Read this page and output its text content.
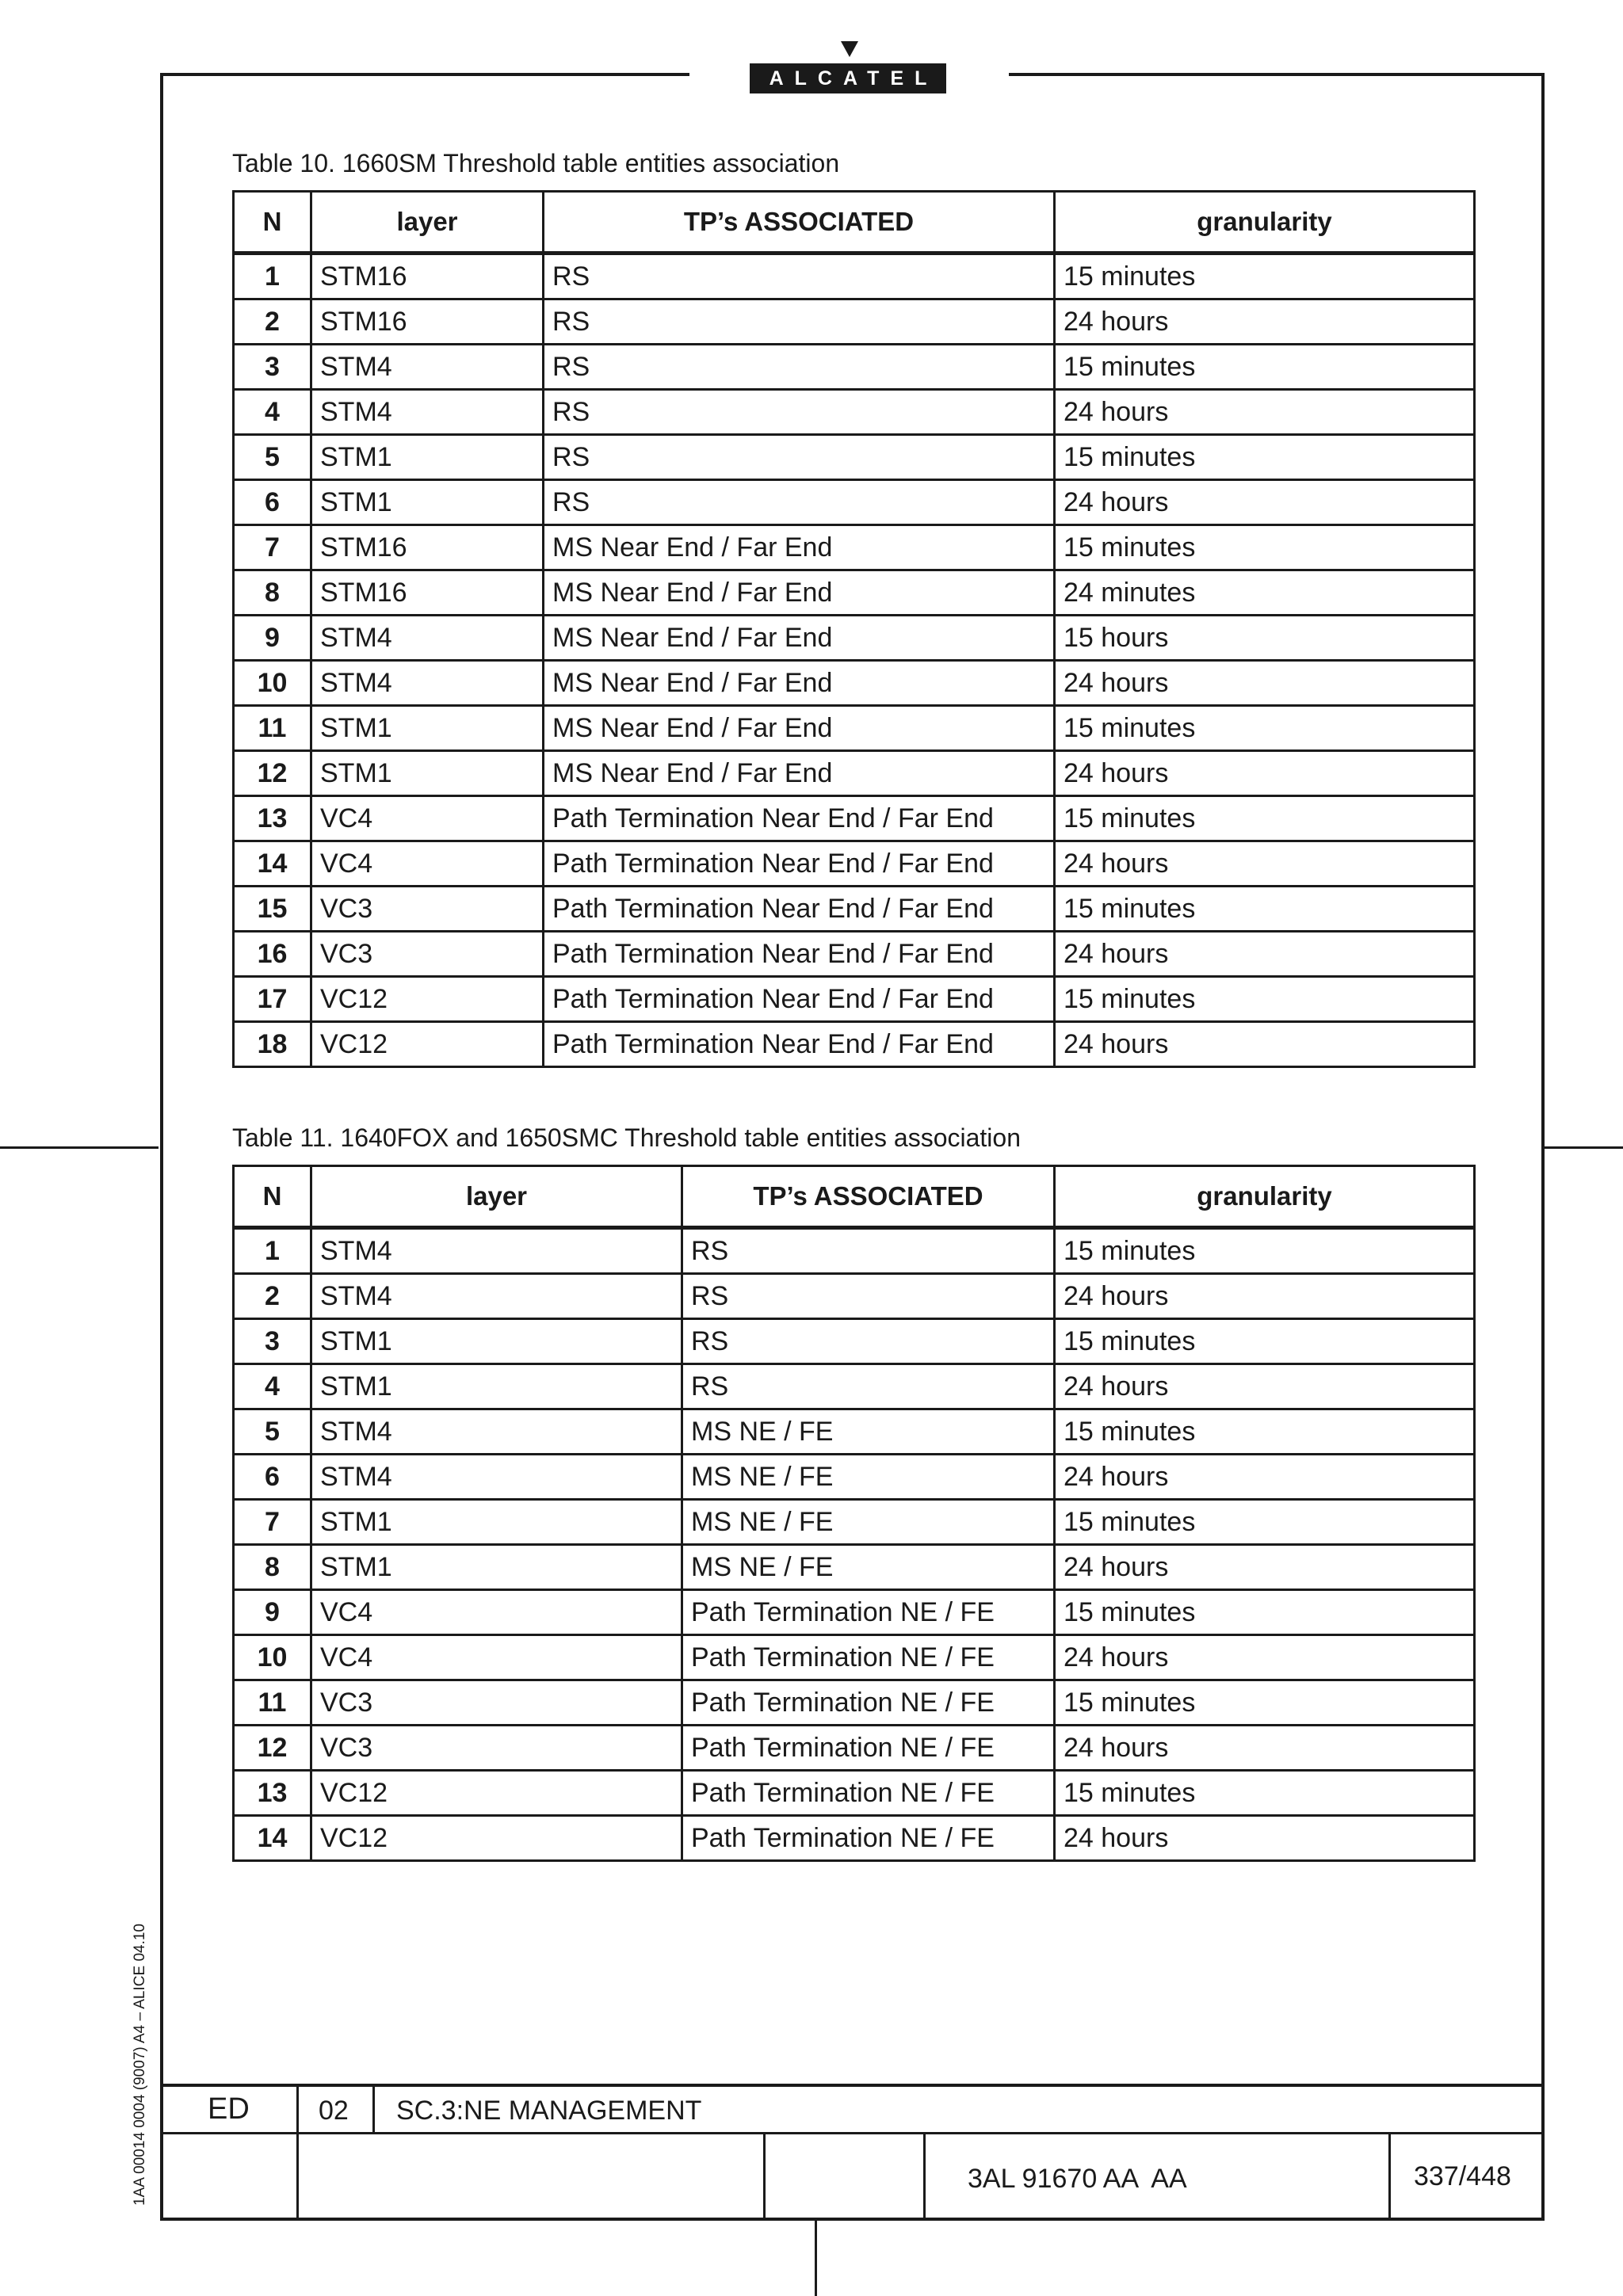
ALCATEL
1AA 00014 0004 (9007) A4 – ALICE 04.10
Table 10. 1660SM Threshold table entities association
N	layer	TP’s ASSOCIATED	granularity
1	STM16	RS	15 minutes
2	STM16	RS	24 hours
3	STM4	RS	15 minutes
4	STM4	RS	24 hours
5	STM1	RS	15 minutes
6	STM1	RS	24 hours
7	STM16	MS Near End / Far End	15 minutes
8	STM16	MS Near End / Far End	24 minutes
9	STM4	MS Near End / Far End	15 hours
10	STM4	MS Near End / Far End	24 hours
11	STM1	MS Near End / Far End	15 minutes
12	STM1	MS Near End / Far End	24 hours
13	VC4	Path Termination Near End / Far End	15 minutes
14	VC4	Path Termination Near End / Far End	24 hours
15	VC3	Path Termination Near End / Far End	15 minutes
16	VC3	Path Termination Near End / Far End	24 hours
17	VC12	Path Termination Near End / Far End	15 minutes
18	VC12	Path Termination Near End / Far End	24 hours
Table 11. 1640FOX and 1650SMC Threshold table entities association
N	layer	TP’s ASSOCIATED	granularity
1	STM4	RS	15 minutes
2	STM4	RS	24 hours
3	STM1	RS	15 minutes
4	STM1	RS	24 hours
5	STM4	MS NE / FE	15 minutes
6	STM4	MS NE / FE	24 hours
7	STM1	MS NE / FE	15 minutes
8	STM1	MS NE / FE	24 hours
9	VC4	Path Termination NE / FE	15 minutes
10	VC4	Path Termination NE / FE	24 hours
11	VC3	Path Termination NE / FE	15 minutes
12	VC3	Path Termination NE / FE	24 hours
13	VC12	Path Termination NE / FE	15 minutes
14	VC12	Path Termination NE / FE	24 hours
ED	02 SC.3:NE MANAGEMENT
3AL 91670 AA  AA	337/448
